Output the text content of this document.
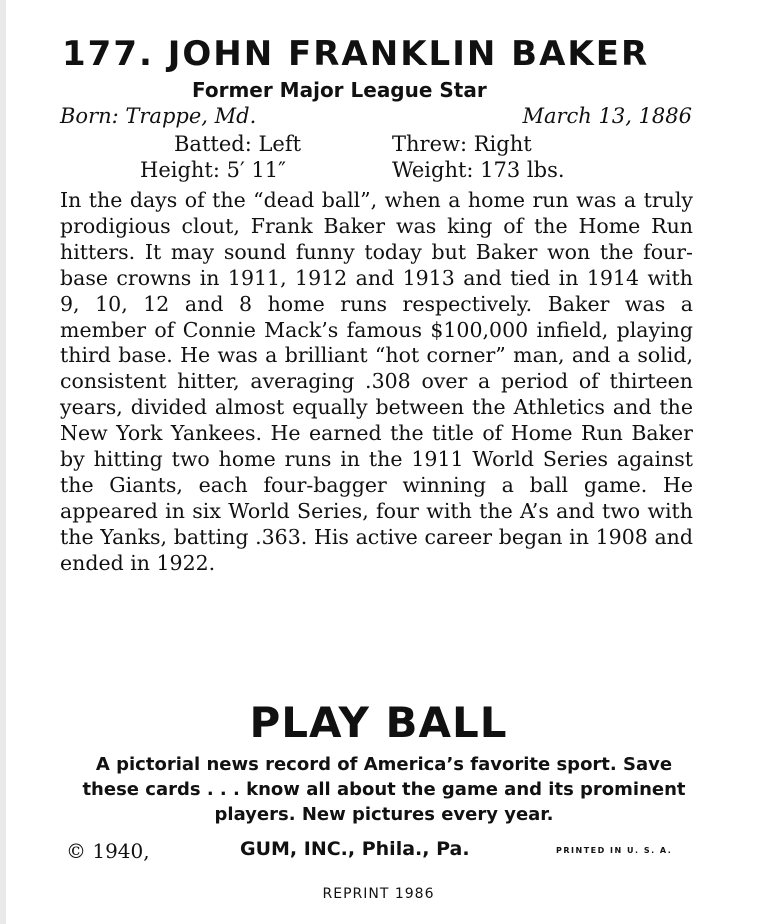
177. JOHN FRANKLIN BAKER
Former Major League Star
Born: Trappe, Md.	March 13, 1886
Batted: Left	Threw: Right
Height: 5′ 11″	Weight: 173 lbs.
In the days of the “dead ball”, when a home run was a truly prodigious clout, Frank Baker was king of the Home Run hitters. It may sound funny today but Baker won the four-base crowns in 1911, 1912 and 1913 and tied in 1914 with 9, 10, 12 and 8 home runs respectively. Baker was a member of Connie Mack’s famous $100,000 infield, playing third base. He was a brilliant “hot corner” man, and a solid, consistent hitter, averaging .308 over a period of thirteen years, divided almost equally between the Athletics and the New York Yankees. He earned the title of Home Run Baker by hitting two home runs in the 1911 World Series against the Giants, each four-bagger winning a ball game. He appeared in six World Series, four with the A’s and two with the Yanks, batting .363. His active career began in 1908 and ended in 1922.
PLAY BALL
A pictorial news record of America’s favorite sport. Save these cards . . . know all about the game and its prominent players. New pictures every year.
© 1940,	GUM, INC., Phila., Pa.	PRINTED IN U. S. A.
REPRINT 1986
